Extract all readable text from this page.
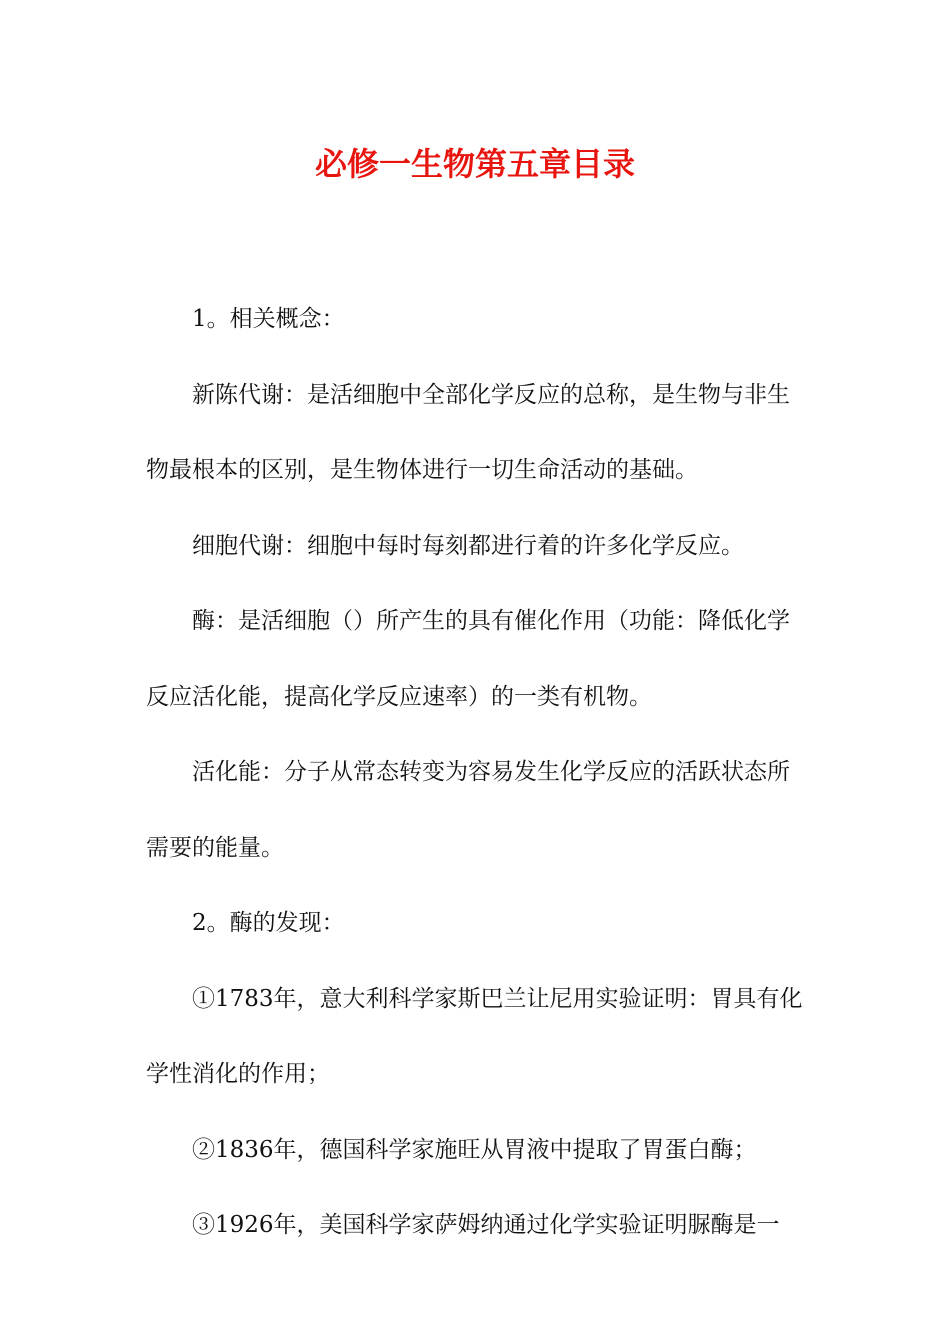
必修一生物第五章目录

1。相关概念：

新陈代谢：是活细胞中全部化学反应的总称，是生物与非生物最根本的区别，是生物体进行一切生命活动的基础。

细胞代谢：细胞中每时每刻都进行着的许多化学反应。

酶：是活细胞（）所产生的具有催化作用（功能：降低化学反应活化能，提高化学反应速率）的一类有机物。

活化能：分子从常态转变为容易发生化学反应的活跃状态所需要的能量。

2。酶的发现：

①1783年，意大利科学家斯巴兰让尼用实验证明：胃具有化学性消化的作用；

②1836年，德国科学家施旺从胃液中提取了胃蛋白酶；

③1926年，美国科学家萨姆纳通过化学实验证明脲酶是一
